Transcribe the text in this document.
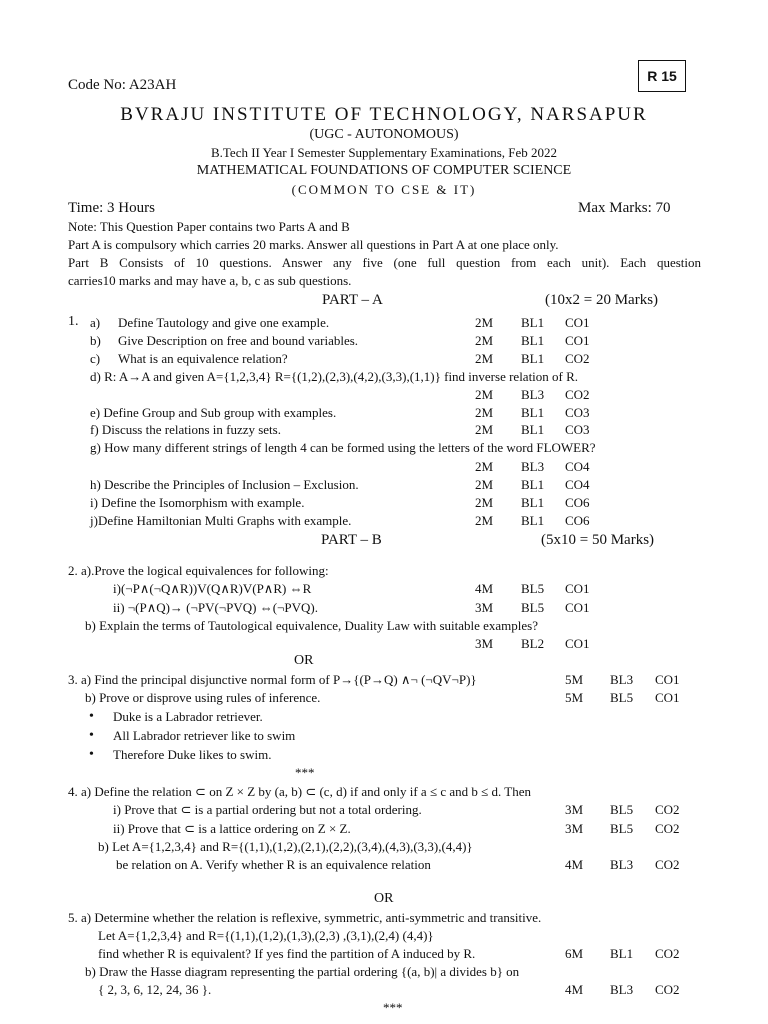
Code No: A23AH
R 15
BVRAJU INSTITUTE OF TECHNOLOGY, NARSAPUR
(UGC - AUTONOMOUS)
B.Tech II Year I Semester Supplementary Examinations, Feb 2022
MATHEMATICAL FOUNDATIONS OF COMPUTER SCIENCE
(COMMON TO CSE & IT)
Time: 3 Hours	Max Marks: 70
Note: This Question Paper contains two Parts A and B
Part A is compulsory which carries 20 marks. Answer all questions in Part A at one place only.
Part B Consists of 10 questions. Answer any five (one full question from each unit). Each question
carries10 marks and may have a, b, c as sub questions.
PART – A	(10x2 = 20 Marks)
1. a) Define Tautology and give one example.	2M BL1 CO1
b) Give Description on free and bound variables.	2M BL1 CO1
c) What is an equivalence relation?	2M BL1 CO2
d) R: A→A and given A={1,2,3,4} R={(1,2),(2,3),(4,2),(3,3),(1,1)} find inverse relation of R.
2M BL3 CO2
e) Define Group and Sub group with examples.	2M BL1 CO3
f) Discuss the relations in fuzzy sets.	2M BL1 CO3
g) How many different strings of length 4 can be formed using the letters of the word FLOWER?
2M BL3 CO4
h) Describe the Principles of Inclusion – Exclusion.	2M BL1 CO4
i) Define the Isomorphism with example.	2M BL1 CO6
j)Define Hamiltonian Multi Graphs with example.	2M BL1 CO6
PART – B	(5x10 = 50 Marks)
2. a).Prove the logical equivalences for following:
i)(¬P∧(¬Q∧R))V(Q∧R)V(P∧R) ⇔R	4M BL5 CO1
ii) ¬(P∧Q)→ (¬PV(¬PVQ) ⇔(¬PVQ).	3M BL5 CO1
b) Explain the terms of Tautological equivalence, Duality Law with suitable examples?
3M BL2 CO1
OR
3. a) Find the principal disjunctive normal form of P→{(P→Q) ∧¬ (¬QV¬P)}	5M BL3 CO1
b) Prove or disprove using rules of inference.	5M BL5 CO1
• Duke is a Labrador retriever.
• All Labrador retriever like to swim
• Therefore Duke likes to swim.
***
4. a) Define the relation ⊂ on Z × Z by (a, b) ⊂ (c, d) if and only if a ≤ c and b ≤ d. Then
i) Prove that ⊂ is a partial ordering but not a total ordering.	3M BL5 CO2
ii) Prove that ⊂ is a lattice ordering on Z × Z.	3M BL5 CO2
b) Let A={1,2,3,4} and R={(1,1),(1,2),(2,1),(2,2),(3,4),(4,3),(3,3),(4,4)}
be relation on A. Verify whether R is an equivalence relation	4M BL3 CO2
OR
5. a) Determine whether the relation is reflexive, symmetric, anti-symmetric and transitive.
Let A={1,2,3,4} and R={(1,1),(1,2),(1,3),(2,3) ,(3,1),(2,4) (4,4)}
find whether R is equivalent? If yes find the partition of A induced by R.	6M BL1 CO2
b) Draw the Hasse diagram representing the partial ordering {(a, b)| a divides b} on
{ 2, 3, 6, 12, 24, 36 }.	4M BL3 CO2
***
